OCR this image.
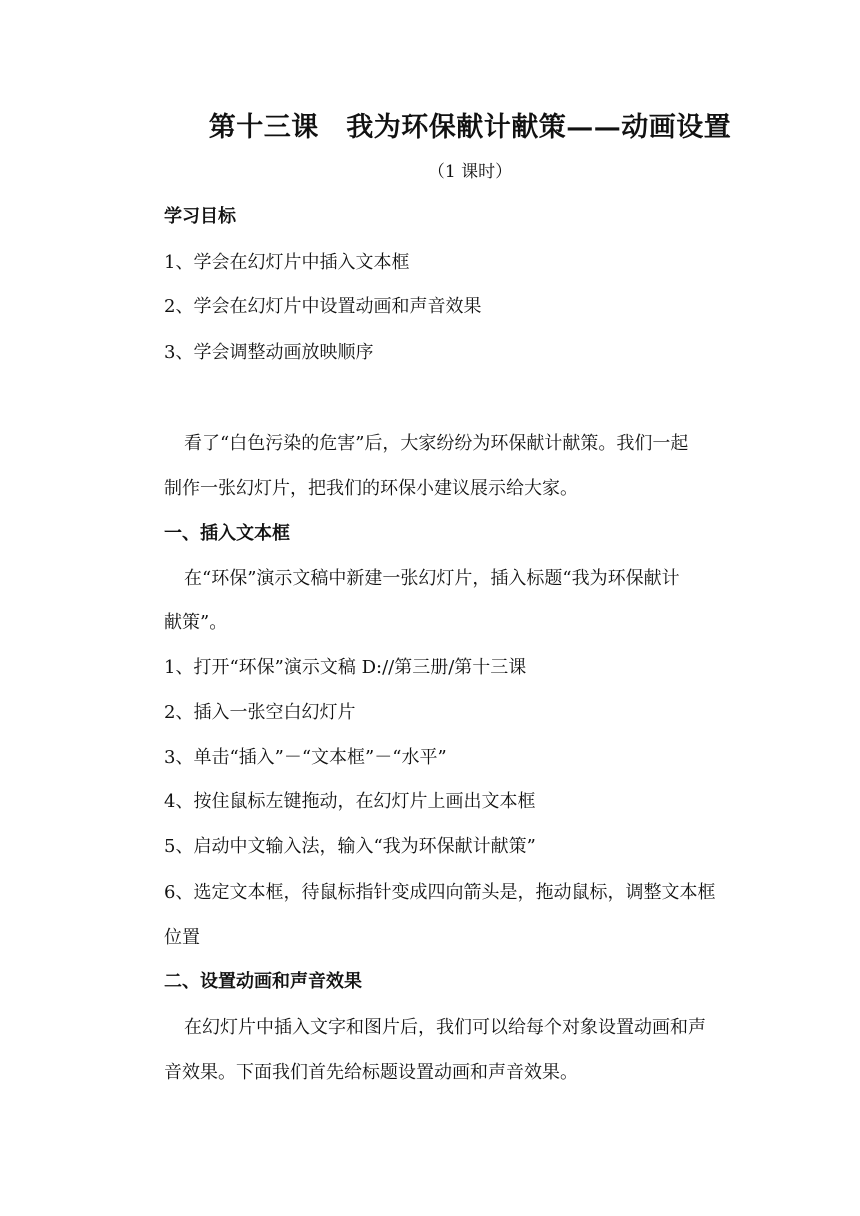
第十三课　我为环保献计献策——动画设置
（1 课时）
学习目标
1、学会在幻灯片中插入文本框
2、学会在幻灯片中设置动画和声音效果
3、学会调整动画放映顺序
看了“白色污染的危害”后，大家纷纷为环保献计献策。我们一起
制作一张幻灯片，把我们的环保小建议展示给大家。
一、插入文本框
在“环保”演示文稿中新建一张幻灯片，插入标题“我为环保献计
献策”。
1、打开“环保”演示文稿 D://第三册/第十三课
2、插入一张空白幻灯片
3、单击“插入”－“文本框”－“水平”
4、按住鼠标左键拖动，在幻灯片上画出文本框
5、启动中文输入法，输入“我为环保献计献策”
6、选定文本框，待鼠标指针变成四向箭头是，拖动鼠标，调整文本框
位置
二、设置动画和声音效果
在幻灯片中插入文字和图片后，我们可以给每个对象设置动画和声
音效果。下面我们首先给标题设置动画和声音效果。
